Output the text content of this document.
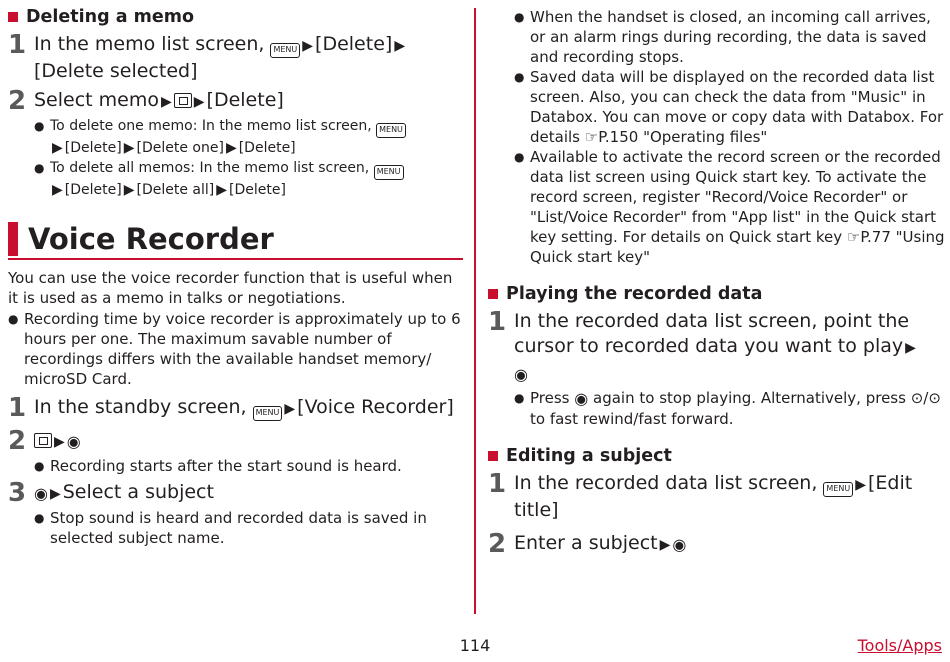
Deleting a memo
1 In the memo list screen, MENU ▶ [Delete] ▶ [Delete selected]
2 Select memo ▶ ▶ [Delete]
● To delete one memo: In the memo list screen, MENU▶ [Delete] ▶ [Delete one] ▶ [Delete]
● To delete all memos: In the memo list screen, MENU▶ [Delete] ▶ [Delete all] ▶ [Delete]
Voice Recorder

You can use the voice recorder function that is useful when it is used as a memo in talks or negotiations.

● Recording time by voice recorder is approximately up to 6 hours per one. The maximum savable number of recordings differs with the available handset memory/ microSD Card.
1 In the standby screen, MENU ▶ [Voice Recorder]
2	▶ ◉
● Recording starts after the start sound is heard.
3 ◉ ▶ Select a subject
● Stop sound is heard and recorded data is saved in selected subject name.
● When the handset is closed, an incoming call arrives, or an alarm rings during recording, the data is saved and recording stops.
● Saved data will be displayed on the recorded data list screen. Also, you can check the data from "Music" in Databox. You can move or copy data with Databox. For details ☞P.150 "Operating files"
● Available to activate the record screen or the recorded data list screen using Quick start key. To activate the record screen, register "Record/Voice Recorder" or "List/Voice Recorder" from "App list" in the Quick start key setting. For details on Quick start key ☞P.77 "Using Quick start key"
Playing the recorded data
1 In the recorded data list screen, point the cursor to recorded data you want to play ▶
◉
● Press ◉ again to stop playing. Alternatively, press ⊙/⊙ to fast rewind/fast forward.
Editing a subject
1 In the recorded data list screen, MENU ▶ [Edit title]
2 Enter a subject ▶ ◉
114	Tools/Apps
